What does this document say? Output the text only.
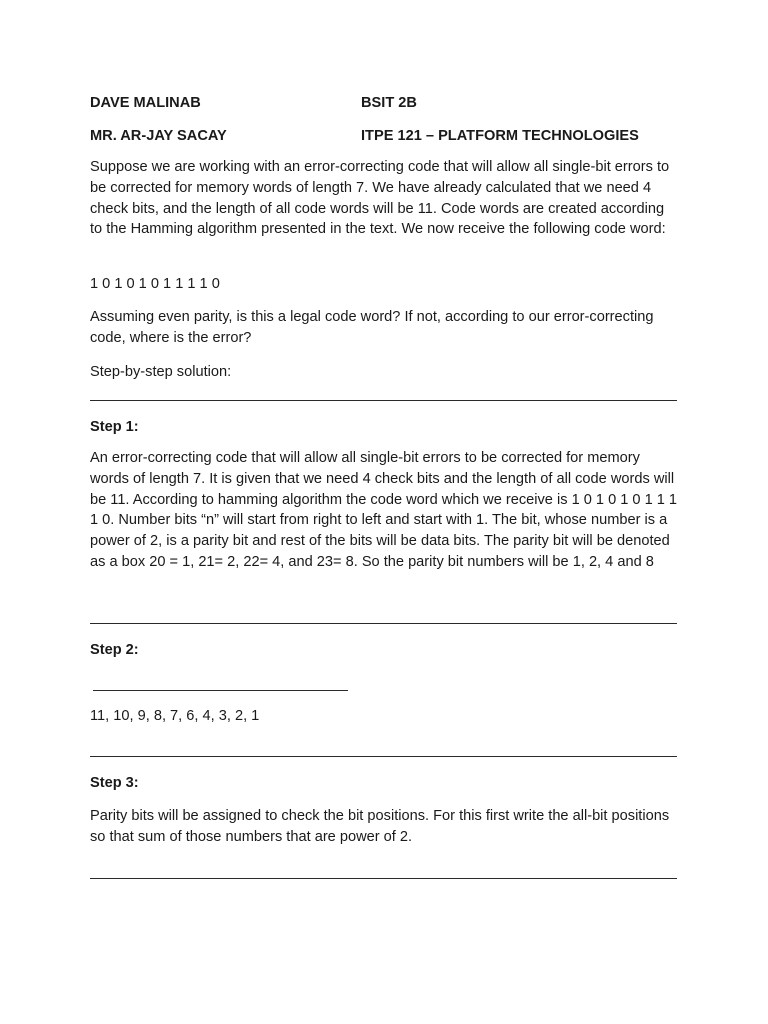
DAVE MALINAB	BSIT 2B
MR. AR-JAY SACAY	ITPE 121 – PLATFORM TECHNOLOGIES

Suppose we are working with an error-correcting code that will allow all single-bit errors to be corrected for memory words of length 7. We have already calculated that we need 4 check bits, and the length of all code words will be 11. Code words are created according to the Hamming algorithm presented in the text. We now receive the following code word:

1 0 1 0 1 0 1 1 1 1 0

Assuming even parity, is this a legal code word? If not, according to our error-correcting code, where is the error?

Step-by-step solution:

Step 1:

An error-correcting code that will allow all single-bit errors to be corrected for memory words of length 7. It is given that we need 4 check bits and the length of all code words will be 11. According to hamming algorithm the code word which we receive is 1 0 1 0 1 0 1 1 1 1 0. Number bits “n” will start from right to left and start with 1. The bit, whose number is a power of 2, is a parity bit and rest of the bits will be data bits. The parity bit will be denoted as a box 20 = 1, 21= 2, 22= 4, and 23= 8. So the parity bit numbers will be 1, 2, 4 and 8

Step 2:

11, 10, 9, 8, 7, 6, 4, 3, 2, 1

Step 3:

Parity bits will be assigned to check the bit positions. For this first write the all-bit positions so that sum of those numbers that are power of 2.
